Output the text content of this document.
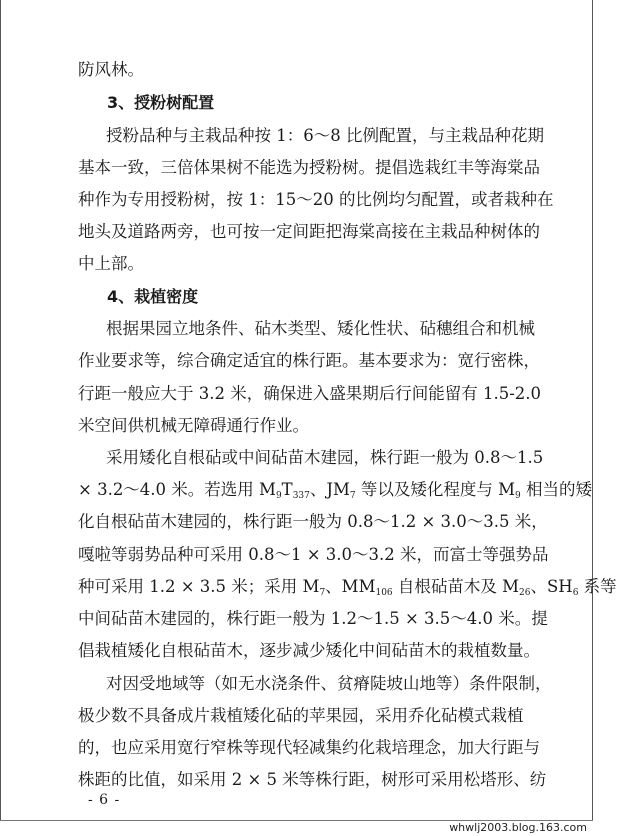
防风林。
3、授粉树配置
授粉品种与主栽品种按 1：6～8 比例配置，与主栽品种花期
基本一致，三倍体果树不能选为授粉树。提倡选栽红丰等海棠品
种作为专用授粉树，按 1：15～20 的比例均匀配置，或者栽种在
地头及道路两旁，也可按一定间距把海棠高接在主栽品种树体的
中上部。
4、栽植密度
根据果园立地条件、砧木类型、矮化性状、砧穗组合和机械
作业要求等，综合确定适宜的株行距。基本要求为：宽行密株，
行距一般应大于 3.2 米，确保进入盛果期后行间能留有 1.5-2.0
米空间供机械无障碍通行作业。
采用矮化自根砧或中间砧苗木建园，株行距一般为 0.8～1.5
× 3.2～4.0 米。若选用 $M_9T_{337}$、$JM_7$ 等以及矮化程度与 $M_9$ 相当的矮
化自根砧苗木建园的，株行距一般为 0.8～1.2 × 3.0～3.5 米，
嘎啦等弱势品种可采用 0.8～1 × 3.0～3.2 米，而富士等强势品
种可采用 1.2 × 3.5 米；采用 $M_7$、$MM_{106}$ 自根砧苗木及 $M_{26}$、$SH_6$ 系等
中间砧苗木建园的，株行距一般为 1.2～1.5 × 3.5～4.0 米。提
倡栽植矮化自根砧苗木，逐步减少矮化中间砧苗木的栽植数量。
对因受地域等（如无水浇条件、贫瘠陡坡山地等）条件限制，
极少数不具备成片栽植矮化砧的苹果园，采用乔化砧模式栽植
的，也应采用宽行窄株等现代轻减集约化栽培理念，加大行距与
株距的比值，如采用 2 × 5 米等株行距，树形可采用松塔形、纺
- 6 -
whwlj2003.blog.163.com
